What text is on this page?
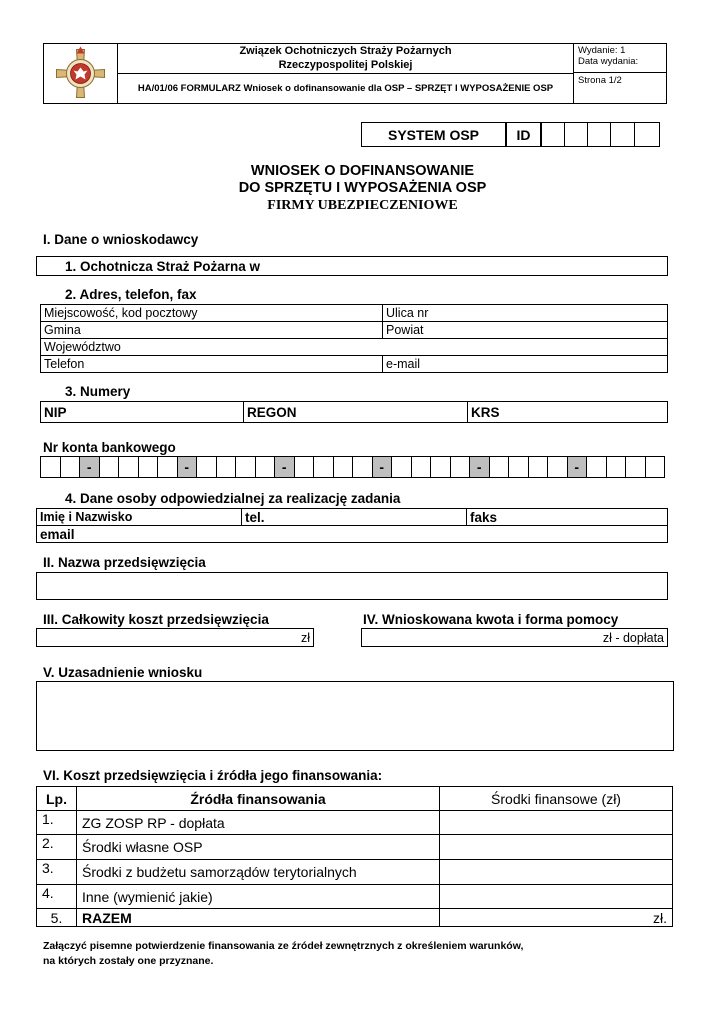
Związek Ochotniczych Straży Pożarnych
Rzeczypospolitej Polskiej
HA/01/06 FORMULARZ Wniosek o dofinansowanie dla OSP – SPRZĘT I WYPOSAŻENIE OSP
Wydanie: 1
Data wydania:
Strona 1/2
SYSTEM OSP	ID
WNIOSEK O DOFINANSOWANIE
DO SPRZĘTU I WYPOSAŻENIA OSP
FIRMY UBEZPIECZENIOWE
I. Dane o wnioskodawcy
1. Ochotnicza Straż Pożarna w
2. Adres, telefon, fax
Miejscowość, kod pocztowy	Ulica nr
Gmina	Powiat
Województwo	
Telefon	e-mail
3. Numery
NIP	REGON	KRS
Nr konta bankowego
-	-	-	-	-	-
4. Dane osoby odpowiedzialnej za realizację zadania
Imię i Nazwisko	tel.	faks
email
II. Nazwa przedsięwzięcia
III. Całkowity koszt przedsięwzięcia
zł
IV. Wnioskowana kwota i forma pomocy
zł - dopłata
V. Uzasadnienie wniosku
VI. Koszt przedsięwzięcia i źródła jego finansowania:
Lp.	Źródła finansowania	Środki finansowe (zł)
1.	ZG ZOSP RP - dopłata	
2.	Środki własne OSP	
3.	Środki z budżetu samorządów terytorialnych	
4.	Inne (wymienić jakie)	
5.	RAZEM	zł.
Załączyć pisemne potwierdzenie finansowania ze źródeł zewnętrznych z określeniem warunków,
na których zostały one przyznane.
